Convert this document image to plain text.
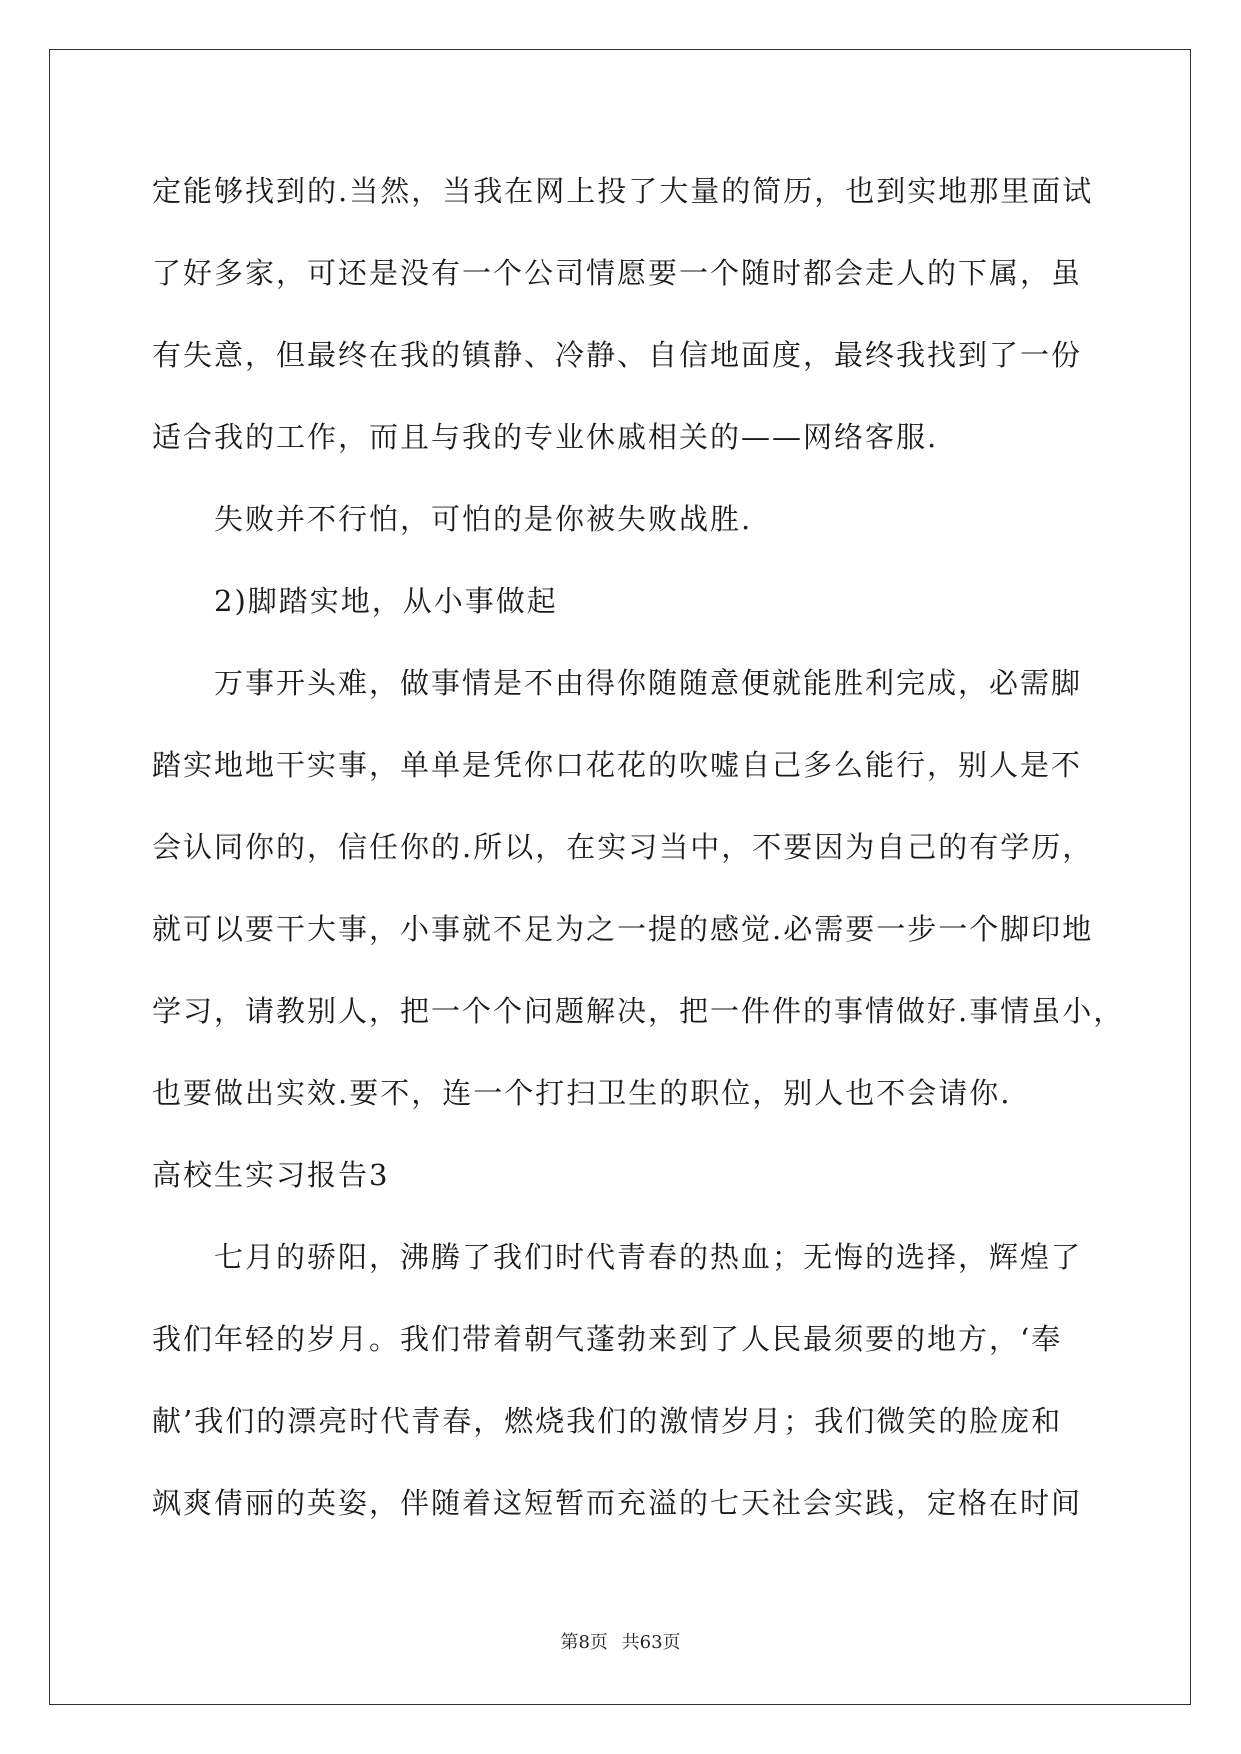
定能够找到的.当然，当我在网上投了大量的简历，也到实地那里面试
了好多家，可还是没有一个公司情愿要一个随时都会走人的下属，虽
有失意，但最终在我的镇静、冷静、自信地面度，最终我找到了一份
适合我的工作，而且与我的专业休戚相关的——网络客服.
失败并不行怕，可怕的是你被失败战胜.
2)脚踏实地，从小事做起
万事开头难，做事情是不由得你随随意便就能胜利完成，必需脚
踏实地地干实事，单单是凭你口花花的吹嘘自己多么能行，别人是不
会认同你的，信任你的.所以，在实习当中，不要因为自己的有学历，
就可以要干大事，小事就不足为之一提的感觉.必需要一步一个脚印地
学习，请教别人，把一个个问题解决，把一件件的事情做好.事情虽小，
也要做出实效.要不，连一个打扫卫生的职位，别人也不会请你.
高校生实习报告3
七月的骄阳，沸腾了我们时代青春的热血；无悔的选择，辉煌了
我们年轻的岁月。我们带着朝气蓬勃来到了人民最须要的地方，‘奉
献’我们的漂亮时代青春，燃烧我们的激情岁月；我们微笑的脸庞和
飒爽倩丽的英姿，伴随着这短暂而充溢的七天社会实践，定格在时间
第8页 共63页
